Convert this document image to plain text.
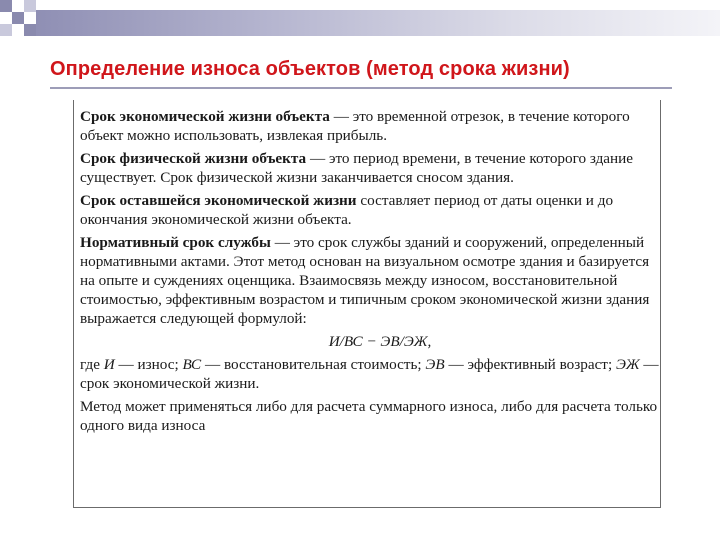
Определение износа объектов (метод срока жизни)

Срок экономической жизни объекта — это временной отрезок, в течение которого объект можно использовать, извлекая прибыль.

Срок физической жизни объекта — это период времени, в течение которого здание существует. Срок физической жизни заканчивается сносом здания.

Срок оставшейся экономической жизни составляет период от даты оценки и до окончания экономической жизни объекта.

Нормативный срок службы — это срок службы зданий и сооружений, определенный нормативными актами. Этот метод основан на визуальном осмотре здания и базируется на опыте и суждениях оценщика. Взаимосвязь между износом, восстановительной стоимостью, эффективным возрастом и типичным сроком экономической жизни здания выражается следующей формулой:

И/ВС − ЭВ/ЭЖ,

где И — износ; ВС — восстановительная стоимость; ЭВ — эффективный возраст; ЭЖ — срок экономической жизни.

Метод может применяться либо для расчета суммарного износа, либо для расчета только одного вида износа
